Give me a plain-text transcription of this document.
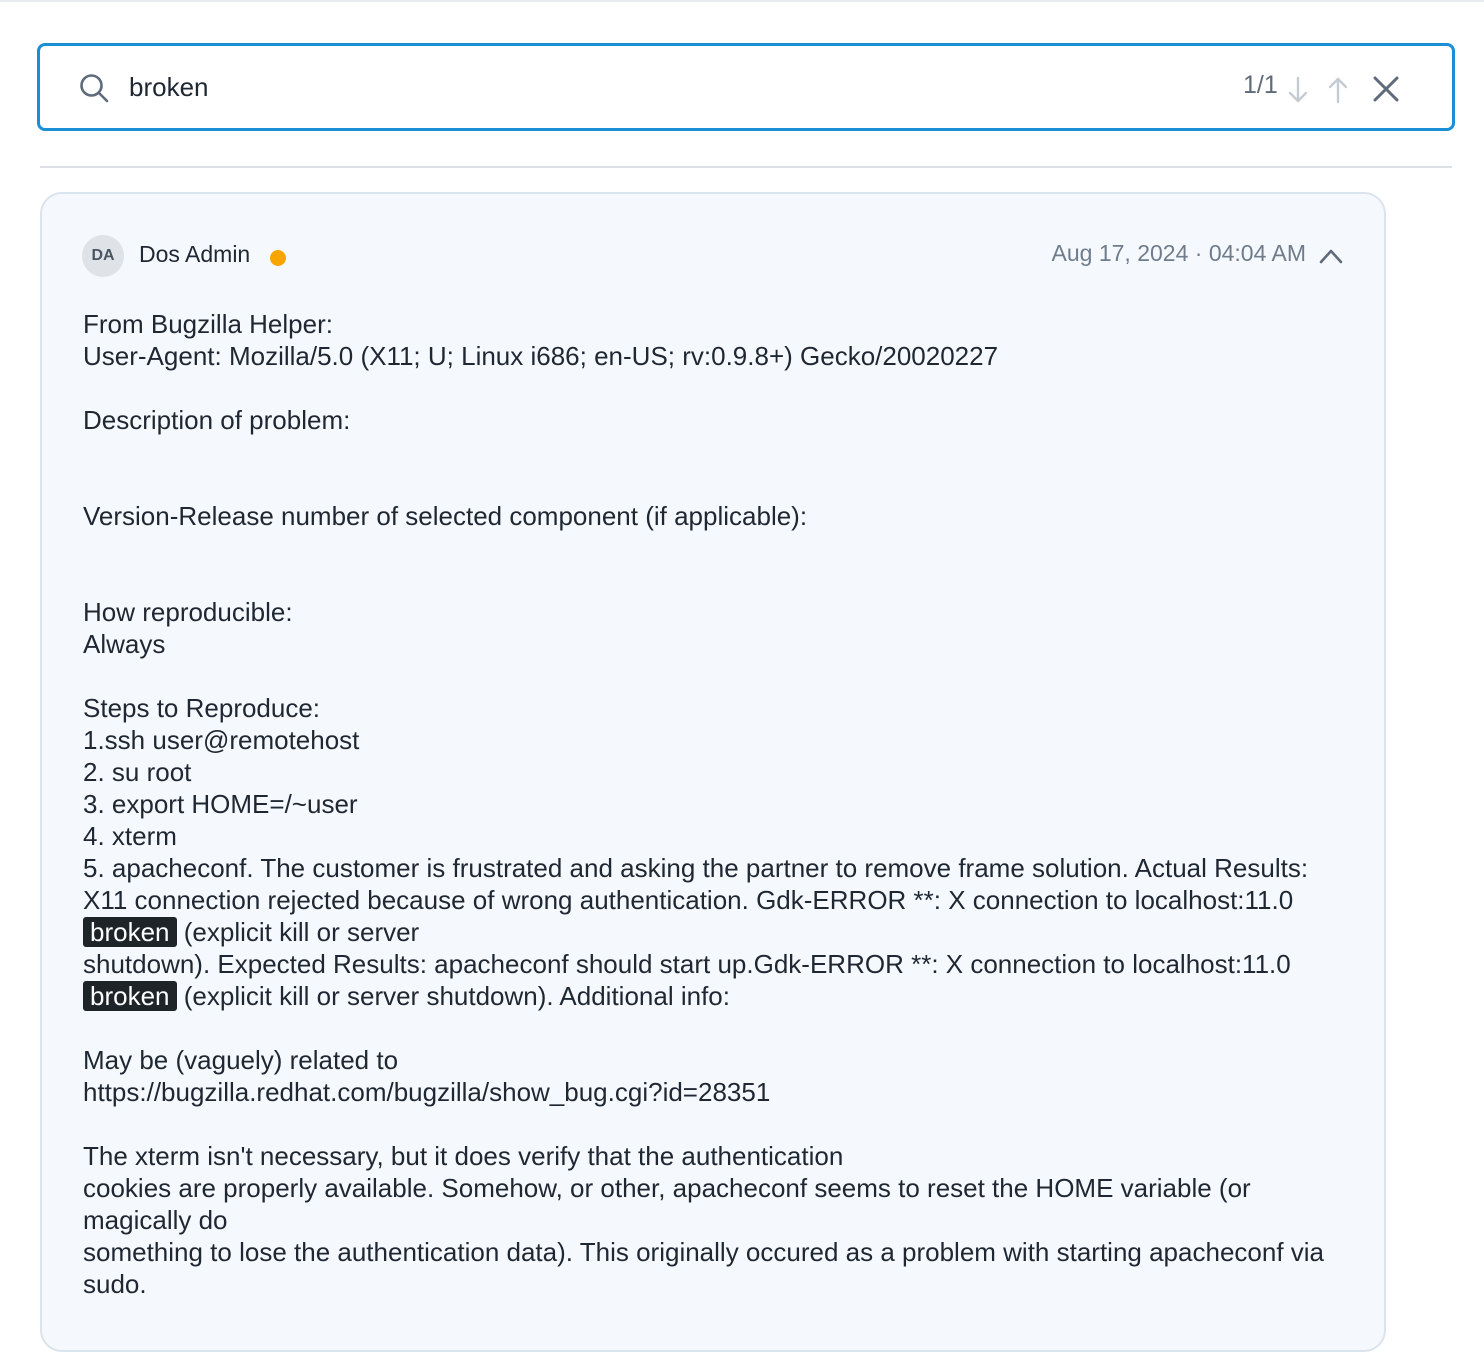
broken
1/1
DA	Dos Admin	Aug 17, 2024 · 04:04 AM
From Bugzilla Helper:
User-Agent: Mozilla/5.0 (X11; U; Linux i686; en-US; rv:0.9.8+) Gecko/20020227
Description of problem:
Version-Release number of selected component (if applicable):
How reproducible:
Always
Steps to Reproduce:
1.ssh user@remotehost
2. su root
3. export HOME=/~user
4. xterm
5. apacheconf. The customer is frustrated and asking the partner to remove frame solution. Actual Results: X11 connection rejected because of wrong authentication. Gdk-ERROR **: X connection to localhost:11.0 broken (explicit kill or server
shutdown). Expected Results: apacheconf should start up.Gdk-ERROR **: X connection to localhost:11.0 broken (explicit kill or server shutdown). Additional info:
May be (vaguely) related to
https://bugzilla.redhat.com/bugzilla/show_bug.cgi?id=28351
The xterm isn't necessary, but it does verify that the authentication
cookies are properly available. Somehow, or other, apacheconf seems to reset the HOME variable (or magically do
something to lose the authentication data). This originally occured as a problem with starting apacheconf via sudo.
